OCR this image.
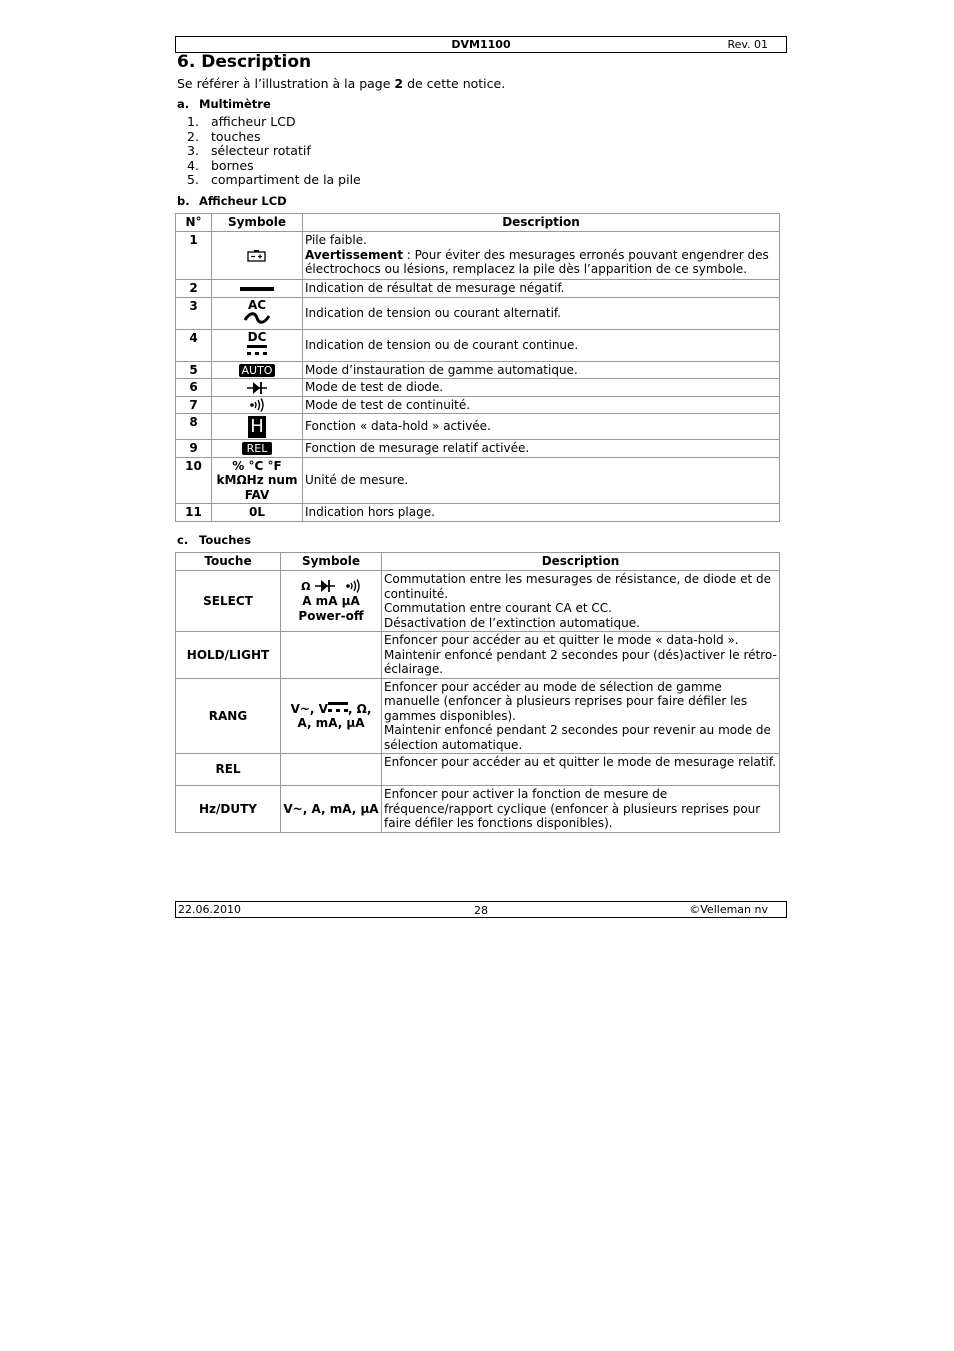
DVM1100	Rev. 01
6. Description
Se référer à l’illustration à la page 2 de cette notice.
a. Multimètre
1. afficheur LCD
2. touches
3. sélecteur rotatif
4. bornes
5. compartiment de la pile
b. Afficheur LCD
N°	Symbole	Description
1		Pile faible.
Avertissement : Pour éviter des mesurages erronés pouvant engendrer des électrochocs ou lésions, remplacez la pile dès l’apparition de ce symbole.
2		Indication de résultat de mesurage négatif.
3	AC	Indication de tension ou courant alternatif.
4	DC	Indication de tension ou de courant continue.
5	AUTO	Mode d’instauration de gamme automatique.
6		Mode de test de diode.
7		Mode de test de continuité.
8	H	Fonction « data-hold » activée.
9	REL	Fonction de mesurage relatif activée.
10	% °C °F
kMΩHz num
FAV	Unité de mesure.
11	0L	Indication hors plage.
c. Touches
Touche	Symbole	Description
SELECT	Ω
A mA µA
Power-off	Commutation entre les mesurages de résistance, de diode et de continuité.
Commutation entre courant CA et CC.
Désactivation de l’extinction automatique.
HOLD/LIGHT		Enfoncer pour accéder au et quitter le mode « data-hold ».
Maintenir enfoncé pendant 2 secondes pour (dés)activer le rétro-éclairage.
RANG	V~, V , Ω,
A, mA, µA	Enfoncer pour accéder au mode de sélection de gamme manuelle (enfoncer à plusieurs reprises pour faire défiler les gammes disponibles).
Maintenir enfoncé pendant 2 secondes pour revenir au mode de sélection automatique.
REL		Enfoncer pour accéder au et quitter le mode de mesurage relatif.
Hz/DUTY	V~, A, mA, µA	Enfoncer pour activer la fonction de mesure de fréquence/rapport cyclique (enfoncer à plusieurs reprises pour faire défiler les fonctions disponibles).
22.06.2010	28	©Velleman nv
